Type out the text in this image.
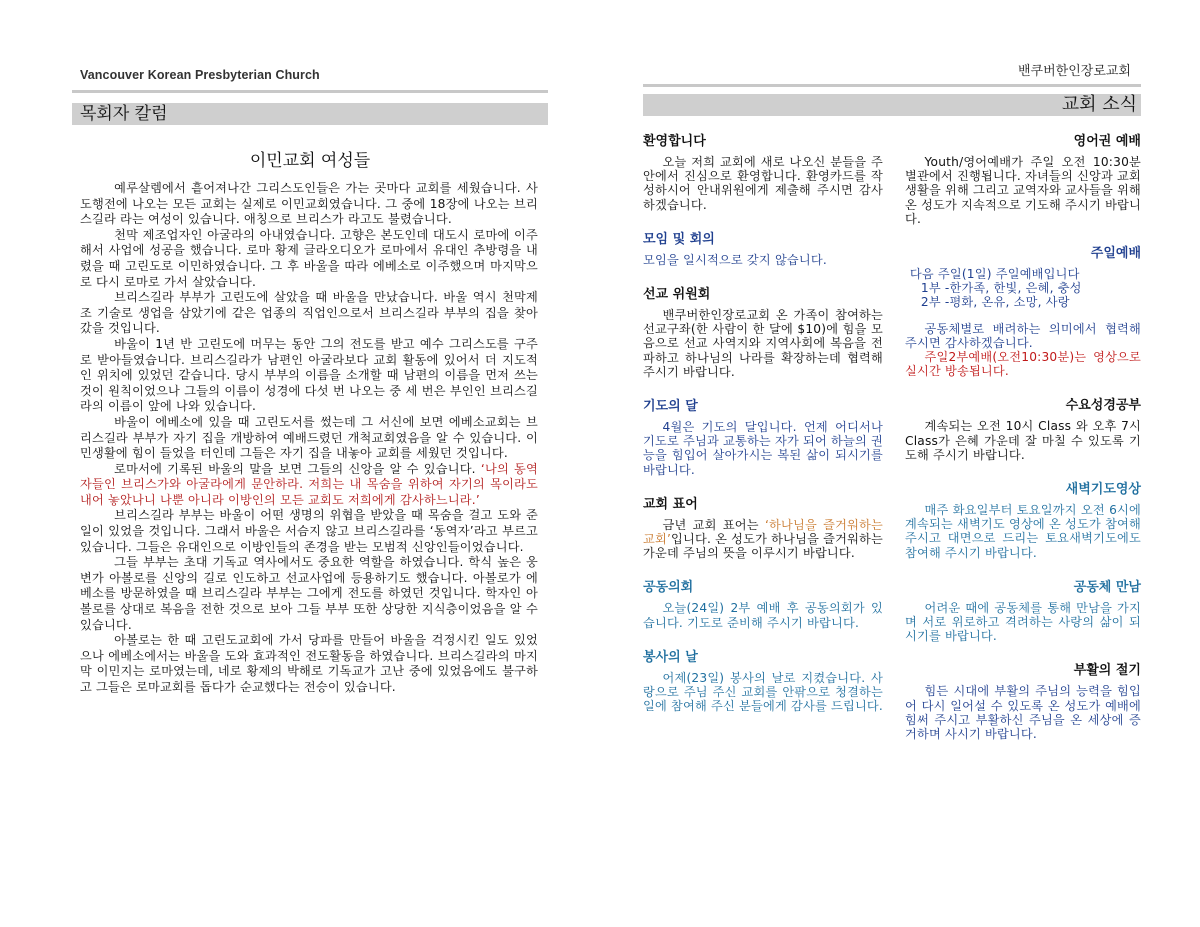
Vancouver Korean Presbyterian Church
목회자 칼럼
이민교회 여성들

예루살렘에서 흩어져나간 그리스도인들은 가는 곳마다 교회를 세웠습니다. 사도행전에 나오는 모든 교회는 실제로 이민교회였습니다. 그 중에 18장에 나오는 브리스길라 라는 여성이 있습니다. 애칭으로 브리스가 라고도 불렸습니다.

천막 제조업자인 아굴라의 아내였습니다. 고향은 본도인데 대도시 로마에 이주해서 사업에 성공을 했습니다. 로마 황제 글라오디오가 로마에서 유대인 추방령을 내렸을 때 고린도로 이민하였습니다. 그 후 바울을 따라 에베소로 이주했으며 마지막으로 다시 로마로 가서 살았습니다.

브리스길라 부부가 고린도에 살았을 때 바울을 만났습니다. 바울 역시 천막제조 기술로 생업을 삼았기에 같은 업종의 직업인으로서 브리스길라 부부의 집을 찾아갔을 것입니다.

바울이 1년 반 고린도에 머무는 동안 그의 전도를 받고 예수 그리스도를 구주로 받아들였습니다. 브리스길라가 남편인 아굴라보다 교회 활동에 있어서 더 지도적인 위치에 있었던 같습니다. 당시 부부의 이름을 소개할 때 남편의 이름을 먼저 쓰는 것이 원칙이었으나 그들의 이름이 성경에 다섯 번 나오는 중 세 번은 부인인 브리스길라의 이름이 앞에 나와 있습니다.

바울이 에베소에 있을 때 고린도서를 썼는데 그 서신에 보면 에베소교회는 브리스길라 부부가 자기 집을 개방하여 예배드렸던 개척교회였음을 알 수 있습니다. 이민생활에 힘이 들었을 터인데 그들은 자기 집을 내놓아 교회를 세웠던 것입니다.

로마서에 기록된 바울의 말을 보면 그들의 신앙을 알 수 있습니다. ‘나의 동역자들인 브리스가와 아굴라에게 문안하라. 저희는 내 목숨을 위하여 자기의 목이라도 내어 놓았나니 나뿐 아니라 이방인의 모든 교회도 저희에게 감사하느니라.’

브리스길라 부부는 바울이 어떤 생명의 위협을 받았을 때 목숨을 걸고 도와 준 일이 있었을 것입니다. 그래서 바울은 서슴지 않고 브리스길라를 ‘동역자’라고 부르고 있습니다. 그들은 유대인으로 이방인들의 존경을 받는 모범적 신앙인들이었습니다.

그들 부부는 초대 기독교 역사에서도 중요한 역할을 하였습니다. 학식 높은 웅변가 아볼로를 신앙의 길로 인도하고 선교사업에 등용하기도 했습니다. 아볼로가 에베소를 방문하였을 때 브리스길라 부부는 그에게 전도를 하였던 것입니다. 학자인 아볼로를 상대로 복음을 전한 것으로 보아 그들 부부 또한 상당한 지식층이었음을 알 수 있습니다.

아볼로는 한 때 고린도교회에 가서 당파를 만들어 바울을 걱정시킨 일도 있었으나 에베소에서는 바울을 도와 효과적인 전도활동을 하였습니다. 브리스길라의 마지막 이민지는 로마였는데, 네로 황제의 박해로 기독교가 고난 중에 있었음에도 불구하고 그들은 로마교회를 돕다가 순교했다는 전승이 있습니다.

밴쿠버한인장로교회
교회 소식
환영합니다

오늘 저희 교회에 새로 나오신 분들을 주 안에서 진심으로 환영합니다. 환영카드를 작성하시어 안내위원에게 제출해 주시면 감사하겠습니다.

모임 및 회의

모임을 일시적으로 갖지 않습니다.

선교 위원회

밴쿠버한인장로교회 온 가족이 참여하는 선교구좌(한 사람이 한 달에 $10)에 힘을 모음으로 선교 사역지와 지역사회에 복음을 전파하고 하나님의 나라를 확장하는데 협력해 주시기 바랍니다.

기도의 달

4월은 기도의 달입니다. 언제 어디서나 기도로 주님과 교통하는 자가 되어 하늘의 권능을 힘입어 살아가시는 복된 삶이 되시기를 바랍니다.

교회 표어

금년 교회 표어는 ‘하나님을 즐거워하는 교회’입니다. 온 성도가 하나님을 즐거워하는 가운데 주님의 뜻을 이루시기 바랍니다.

공동의회

오늘(24일) 2부 예배 후 공동의회가 있습니다. 기도로 준비해 주시기 바랍니다.

봉사의 날

어제(23일) 봉사의 날로 지켰습니다. 사랑으로 주님 주신 교회를 안팎으로 청결하는 일에 참여해 주신 분들에게 감사를 드립니다.

영어권 예배

Youth/영어예배가 주일 오전 10:30분 별관에서 진행됩니다. 자녀들의 신앙과 교회생활을 위해 그리고 교역자와 교사들을 위해 온 성도가 지속적으로 기도해 주시기 바랍니다.

주일예배

다음 주일(1일) 주일예배입니다
1부 -한가족, 한빛, 은혜, 충성
2부 -평화, 온유, 소망, 사랑

공동체별로 배려하는 의미에서 협력해 주시면 감사하겠습니다.

주일2부예배(오전10:30분)는 영상으로 실시간 방송됩니다.

수요성경공부

계속되는 오전 10시 Class 와 오후 7시 Class가 은혜 가운데 잘 마칠 수 있도록 기도해 주시기 바랍니다.

새벽기도영상

매주 화요일부터 토요일까지 오전 6시에 계속되는 새벽기도 영상에 온 성도가 참여해 주시고 대면으로 드리는 토요새벽기도에도 참여해 주시기 바랍니다.

공동체 만남

어려운 때에 공동체를 통해 만남을 가지며 서로 위로하고 격려하는 사랑의 삶이 되시기를 바랍니다.

부활의 절기

힘든 시대에 부활의 주님의 능력을 힘입어 다시 일어설 수 있도록 온 성도가 예배에 힘써 주시고 부활하신 주님을 온 세상에 증거하며 사시기 바랍니다.
